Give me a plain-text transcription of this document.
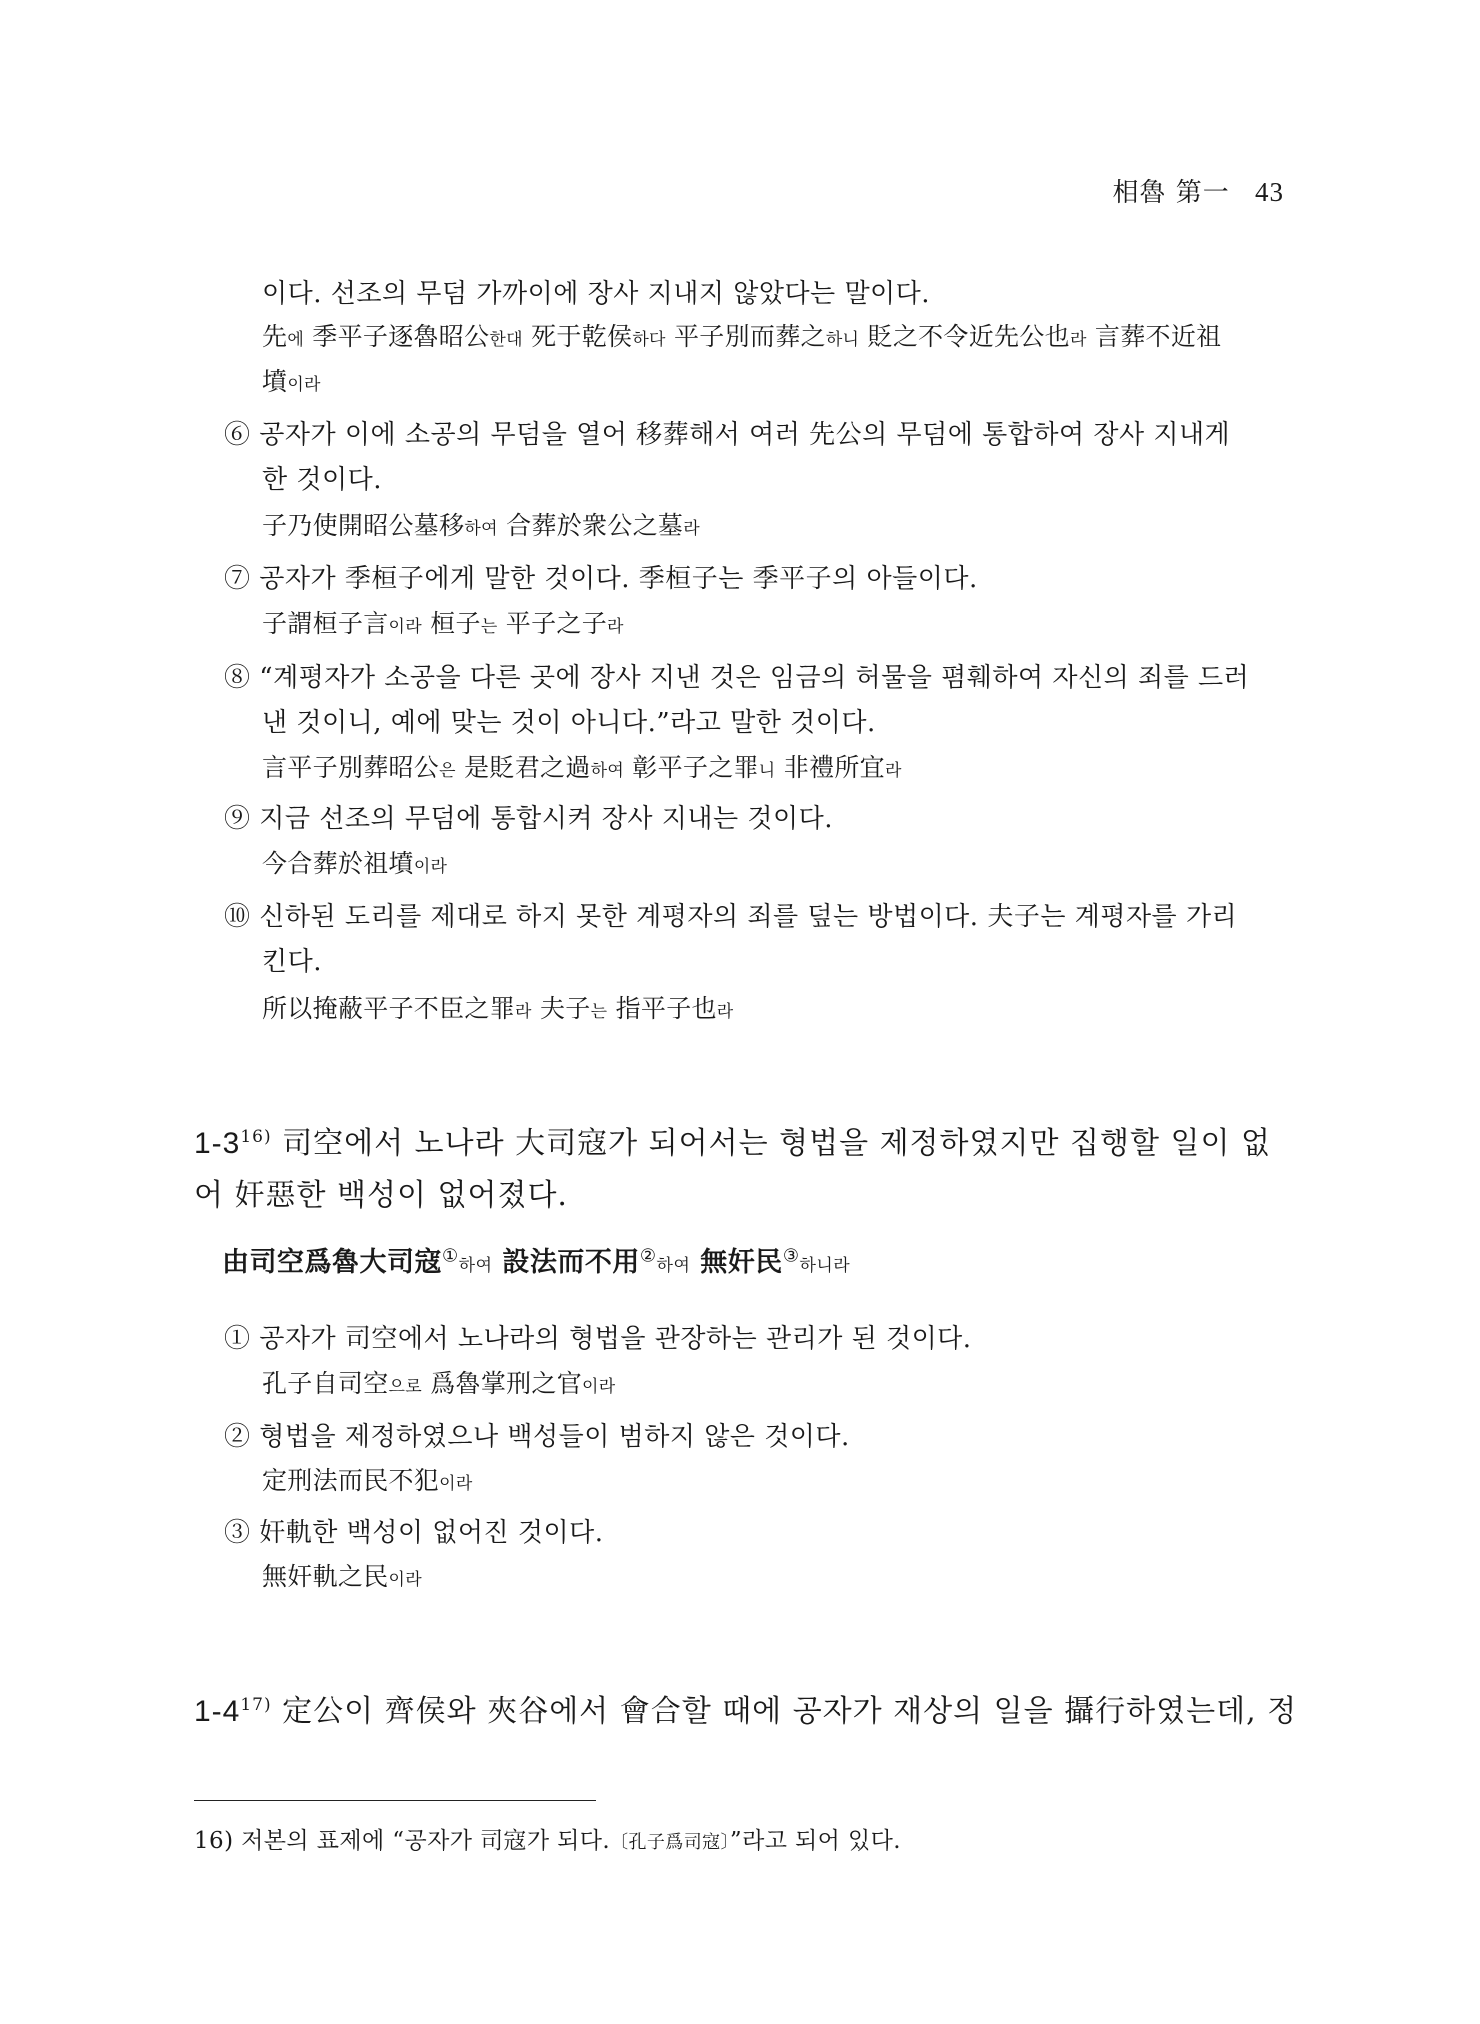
相魯 第一 43
이다. 선조의 무덤 가까이에 장사 지내지 않았다는 말이다.
先에 季平子逐魯昭公한대 死于乾侯하다 平子別而葬之하니 貶之不令近先公也라 言葬不近祖
墳이라
⑥ 공자가 이에 소공의 무덤을 열어 移葬해서 여러 先公의 무덤에 통합하여 장사 지내게
한 것이다.
子乃使開昭公墓移하여 合葬於衆公之墓라
⑦ 공자가 季桓子에게 말한 것이다. 季桓子는 季平子의 아들이다.
子謂桓子言이라 桓子는 平子之子라
⑧ “계평자가 소공을 다른 곳에 장사 지낸 것은 임금의 허물을 폄훼하여 자신의 죄를 드러
낸 것이니, 예에 맞는 것이 아니다.”라고 말한 것이다.
言平子別葬昭公은 是貶君之過하여 彰平子之罪니 非禮所宜라
⑨ 지금 선조의 무덤에 통합시켜 장사 지내는 것이다.
今合葬於祖墳이라
⑩ 신하된 도리를 제대로 하지 못한 계평자의 죄를 덮는 방법이다. 夫子는 계평자를 가리
킨다.
所以掩蔽平子不臣之罪라 夫子는 指平子也라
1-3$^{16)}$ 司空에서 노나라 大司寇가 되어서는 형법을 제정하였지만 집행할 일이 없
어 奸惡한 백성이 없어졌다.
由司空爲魯大司寇①하여 設法而不用②하여 無奸民③하니라
① 공자가 司空에서 노나라의 형법을 관장하는 관리가 된 것이다.
孔子自司空으로 爲魯掌刑之官이라
② 형법을 제정하였으나 백성들이 범하지 않은 것이다.
定刑法而民不犯이라
③ 奸軌한 백성이 없어진 것이다.
無奸軌之民이라
1-4$^{17)}$ 定公이 齊侯와 夾谷에서 會合할 때에 공자가 재상의 일을 攝行하였는데, 정
16) 저본의 표제에 “공자가 司寇가 되다.〔孔子爲司寇〕”라고 되어 있다.
